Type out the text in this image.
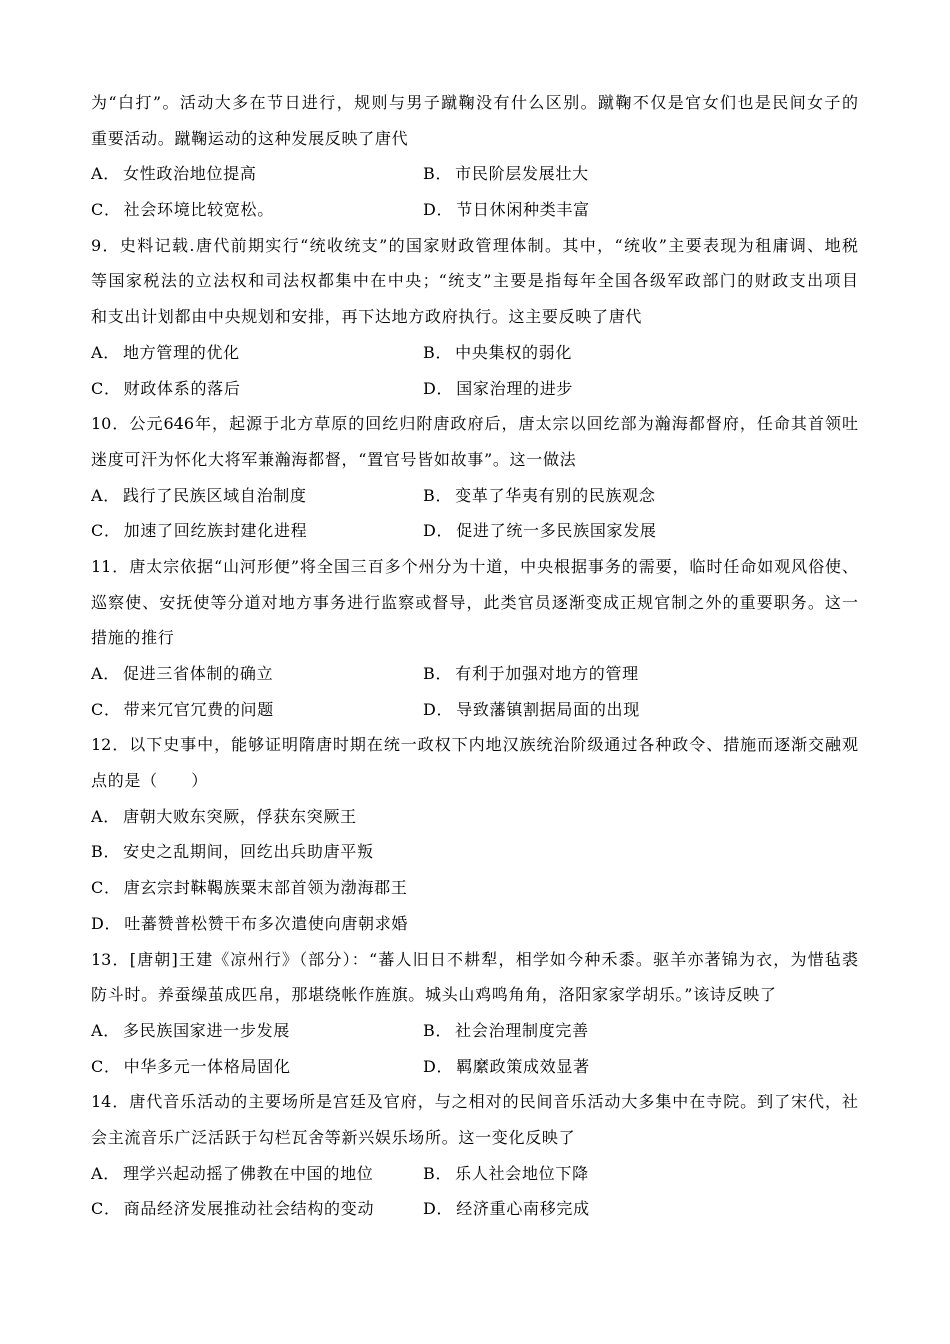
为“白打”。活动大多在节日进行，规则与男子蹴鞠没有什么区别。蹴鞠不仅是官女们也是民间女子的
重要活动。蹴鞠运动的这种发展反映了唐代
A． 女性政治地位提高	B． 市民阶层发展壮大
C． 社会环境比较宽松。	D． 节日休闲种类丰富
9．史料记载.唐代前期实行“统收统支”的国家财政管理体制。其中，“统收”主要表现为租庸调、地税
等国家税法的立法权和司法权都集中在中央；“统支”主要是指每年全国各级军政部门的财政支出项目
和支出计划都由中央规划和安排，再下达地方政府执行。这主要反映了唐代
A． 地方管理的优化	B． 中央集权的弱化
C． 财政体系的落后	D． 国家治理的进步
10．公元646年，起源于北方草原的回纥归附唐政府后，唐太宗以回纥部为瀚海都督府，任命其首领吐
迷度可汗为怀化大将军兼瀚海都督，“置官号皆如故事”。这一做法
A． 践行了民族区域自治制度	B． 变革了华夷有别的民族观念
C． 加速了回纥族封建化进程	D． 促进了统一多民族国家发展
11．唐太宗依据“山河形便”将全国三百多个州分为十道，中央根据事务的需要，临时任命如观风俗使、
巡察使、安抚使等分道对地方事务进行监察或督导，此类官员逐渐变成正规官制之外的重要职务。这一
措施的推行
A． 促进三省体制的确立	B． 有利于加强对地方的管理
C． 带来冗官冗费的问题	D． 导致藩镇割据局面的出现
12．以下史事中，能够证明隋唐时期在统一政权下内地汉族统治阶级通过各种政令、措施而逐渐交融观
点的是（　　）
A． 唐朝大败东突厥，俘获东突厥王
B． 安史之乱期间，回纥出兵助唐平叛
C． 唐玄宗封靺鞨族粟末部首领为渤海郡王
D． 吐蕃赞普松赞干布多次遣使向唐朝求婚
13．[唐朝]王建《凉州行》（部分）：“蕃人旧日不耕犁，相学如今种禾黍。驱羊亦著锦为衣，为惜毡裘
防斗时。养蚕缲茧成匹帛，那堪绕帐作旌旗。城头山鸡鸣角角，洛阳家家学胡乐。”该诗反映了
A． 多民族国家进一步发展	B． 社会治理制度完善
C． 中华多元一体格局固化	D． 羁縻政策成效显著
14．唐代音乐活动的主要场所是宫廷及官府，与之相对的民间音乐活动大多集中在寺院。到了宋代，社
会主流音乐广泛活跃于勾栏瓦舍等新兴娱乐场所。这一变化反映了
A． 理学兴起动摇了佛教在中国的地位	B． 乐人社会地位下降
C． 商品经济发展推动社会结构的变动	D． 经济重心南移完成
